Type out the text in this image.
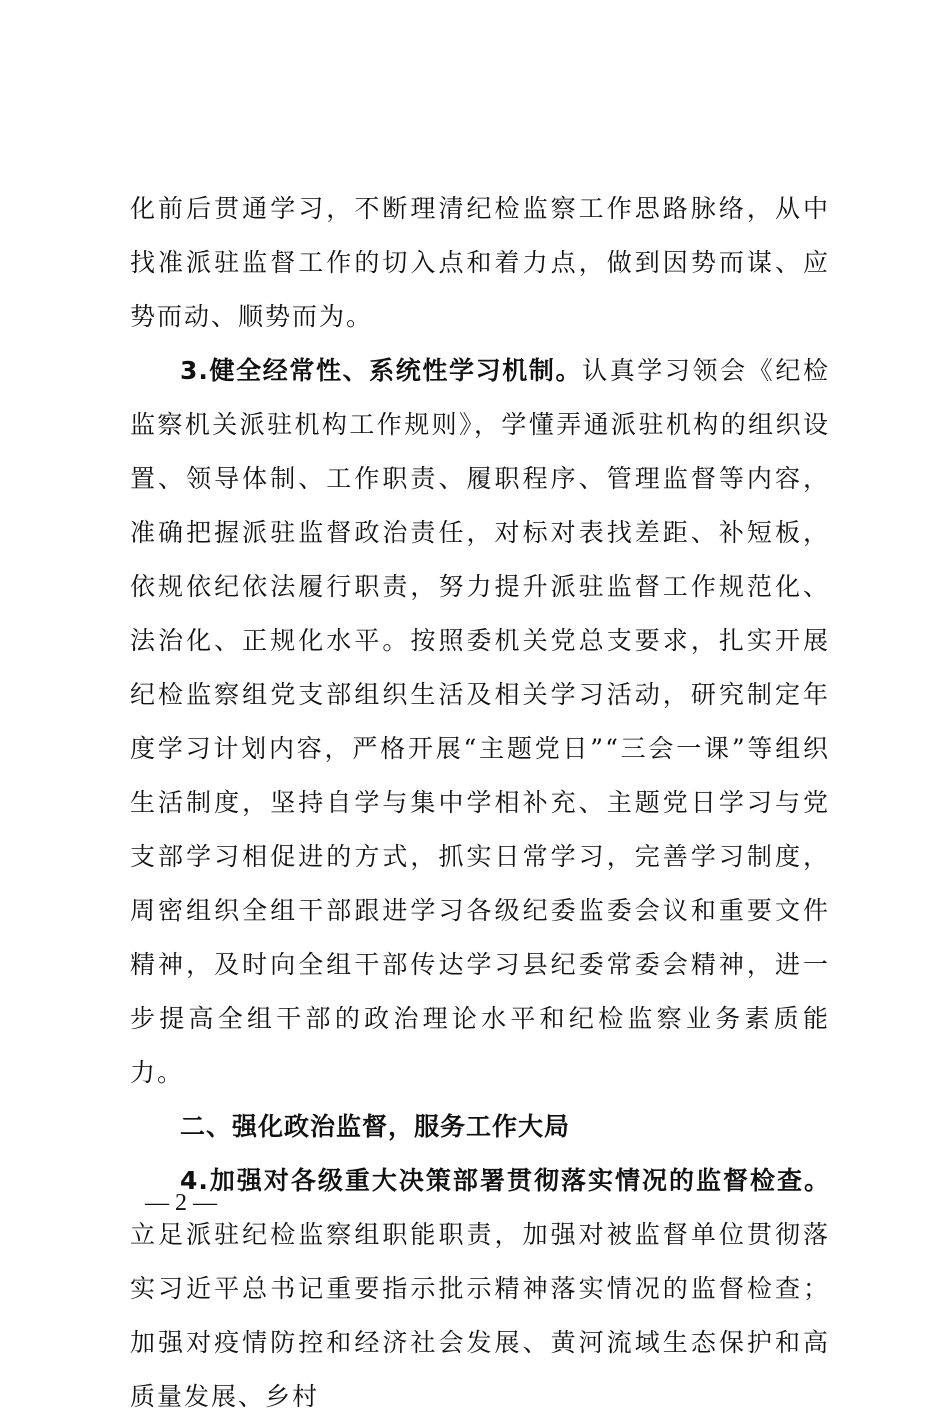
化前后贯通学习，不断理清纪检监察工作思路脉络，从中找准派驻监督工作的切入点和着力点，做到因势而谋、应势而动、顺势而为。

3.健全经常性、系统性学习机制。认真学习领会《纪检监察机关派驻机构工作规则》，学懂弄通派驻机构的组织设置、领导体制、工作职责、履职程序、管理监督等内容，准确把握派驻监督政治责任，对标对表找差距、补短板，依规依纪依法履行职责，努力提升派驻监督工作规范化、法治化、正规化水平。按照委机关党总支要求，扎实开展纪检监察组党支部组织生活及相关学习活动，研究制定年度学习计划内容，严格开展“主题党日”“三会一课”等组织生活制度，坚持自学与集中学相补充、主题党日学习与党支部学习相促进的方式，抓实日常学习，完善学习制度，周密组织全组干部跟进学习各级纪委监委会议和重要文件精神，及时向全组干部传达学习县纪委常委会精神，进一步提高全组干部的政治理论水平和纪检监察业务素质能力。

二、强化政治监督，服务工作大局

4.加强对各级重大决策部署贯彻落实情况的监督检查。立足派驻纪检监察组职能职责，加强对被监督单位贯彻落实习近平总书记重要指示批示精神落实情况的监督检查；加强对疫情防控和经济社会发展、黄河流域生态保护和高质量发展、乡村

— 2 —
